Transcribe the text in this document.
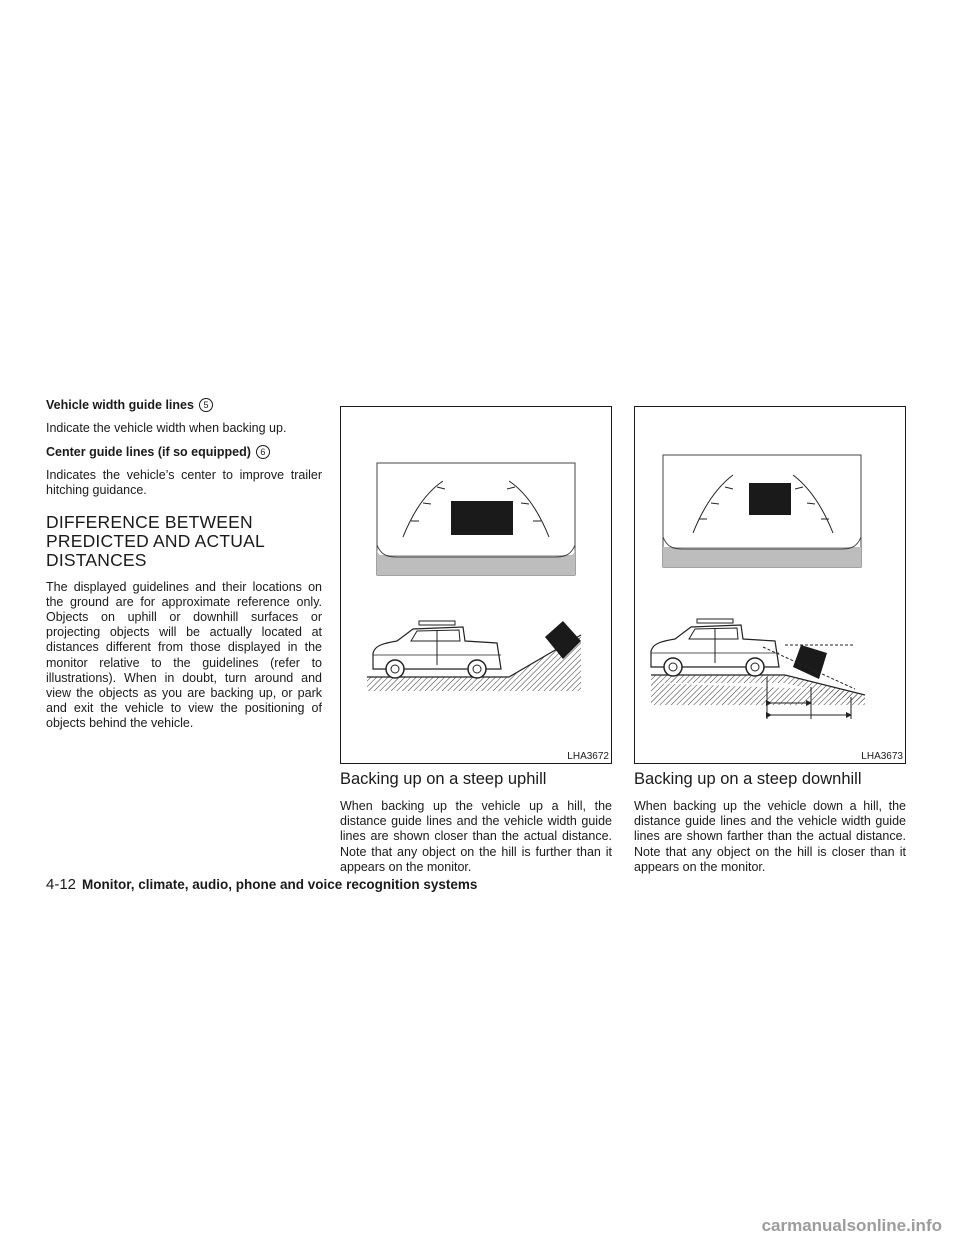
Vehicle width guide lines	5

Indicate the vehicle width when backing up.

Center guide lines (if so equipped)	6

Indicates the vehicle’s center to improve trailer hitching guidance.

DIFFERENCE BETWEEN
PREDICTED AND ACTUAL
DISTANCES

The displayed guidelines and their locations on the ground are for approximate reference only. Objects on uphill or downhill surfaces or projecting objects will be actually located at distances different from those displayed in the monitor relative to the guidelines (refer to illustrations). When in doubt, turn around and view the objects as you are backing up, or park and exit the vehicle to view the positioning of objects behind the vehicle.

LHA3672	LHA3673
Backing up on a steep uphill

When backing up the vehicle up a hill, the distance guide lines and the vehicle width guide lines are shown closer than the actual distance. Note that any object on the hill is further than it appears on the monitor.

Backing up on a steep downhill

When backing up the vehicle down a hill, the distance guide lines and the vehicle width guide lines are shown farther than the actual distance. Note that any object on the hill is closer than it appears on the monitor.

4-12 Monitor, climate, audio, phone and voice recognition systems
carmanualsonline.info
